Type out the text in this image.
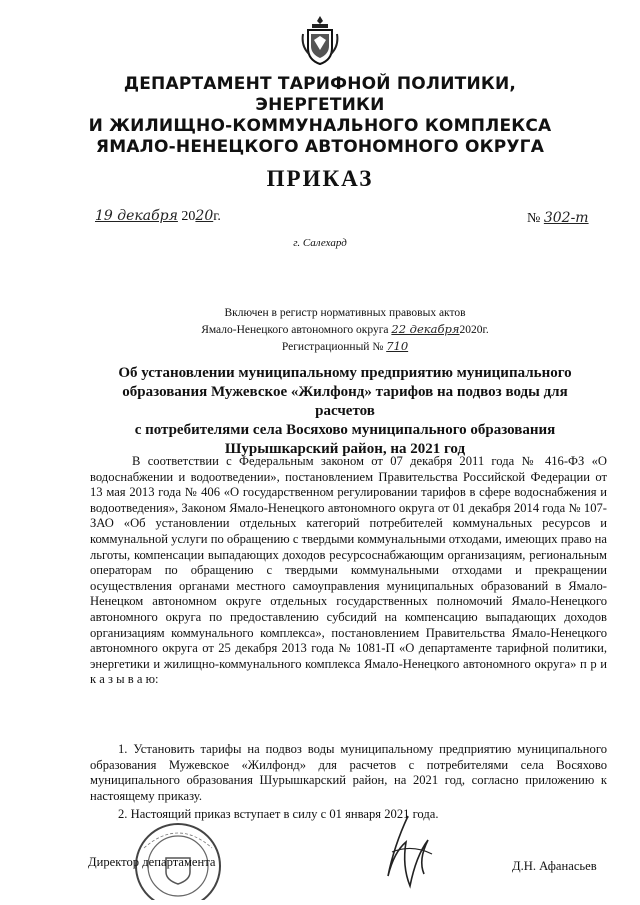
ДЕПАРТАМЕНТ ТАРИФНОЙ ПОЛИТИКИ, ЭНЕРГЕТИКИ
И ЖИЛИЩНО-КОММУНАЛЬНОГО КОМПЛЕКСА
ЯМАЛО-НЕНЕЦКОГО АВТОНОМНОГО ОКРУГА
ПРИКАЗ
19 декабря 2020г.	№ 302-т
г. Салехард
Включен в регистр нормативных правовых актов
Ямало-Ненецкого автономного округа 22 декабря2020г.
Регистрационный № 710
Об установлении муниципальному предприятию муниципального
образования Мужевское «Жилфонд» тарифов на подвоз воды для расчетов
с потребителями села Восяхово муниципального образования
Шурышкарский район, на 2021 год

В соответствии с Федеральным законом от 07 декабря 2011 года № 416-ФЗ «О водоснабжении и водоотведении», постановлением Правительства Российской Федерации от 13 мая 2013 года № 406 «О государственном регулировании тарифов в сфере водоснабжения и водоотведения», Законом Ямало-Ненецкого автономного округа от 01 декабря 2014 года № 107-ЗАО «Об установлении отдельных категорий потребителей коммунальных ресурсов и коммунальной услуги по обращению с твердыми коммунальными отходами, имеющих право на льготы, компенсации выпадающих доходов ресурсоснабжающим организациям, региональным операторам по обращению с твердыми коммунальными отходами и прекращении осуществления органами местного самоуправления муниципальных образований в Ямало-Ненецком автономном округе отдельных государственных полномочий Ямало-Ненецкого автономного округа по предоставлению субсидий на компенсацию выпадающих доходов организациям коммунального комплекса», постановлением Правительства Ямало-Ненецкого автономного округа от 25 декабря 2013 года № 1081-П «О департаменте тарифной политики, энергетики и жилищно-коммунального комплекса Ямало-Ненецкого автономного округа» п р и к а з ы в а ю:

1. Установить тарифы на подвоз воды муниципальному предприятию муниципального образования Мужевское «Жилфонд» для расчетов с потребителями села Восяхово муниципального образования Шурышкарский район, на 2021 год, согласно приложению к настоящему приказу.

2. Настоящий приказ вступает в силу с 01 января 2021 года.

Директор департамента	Д.Н. Афанасьев
